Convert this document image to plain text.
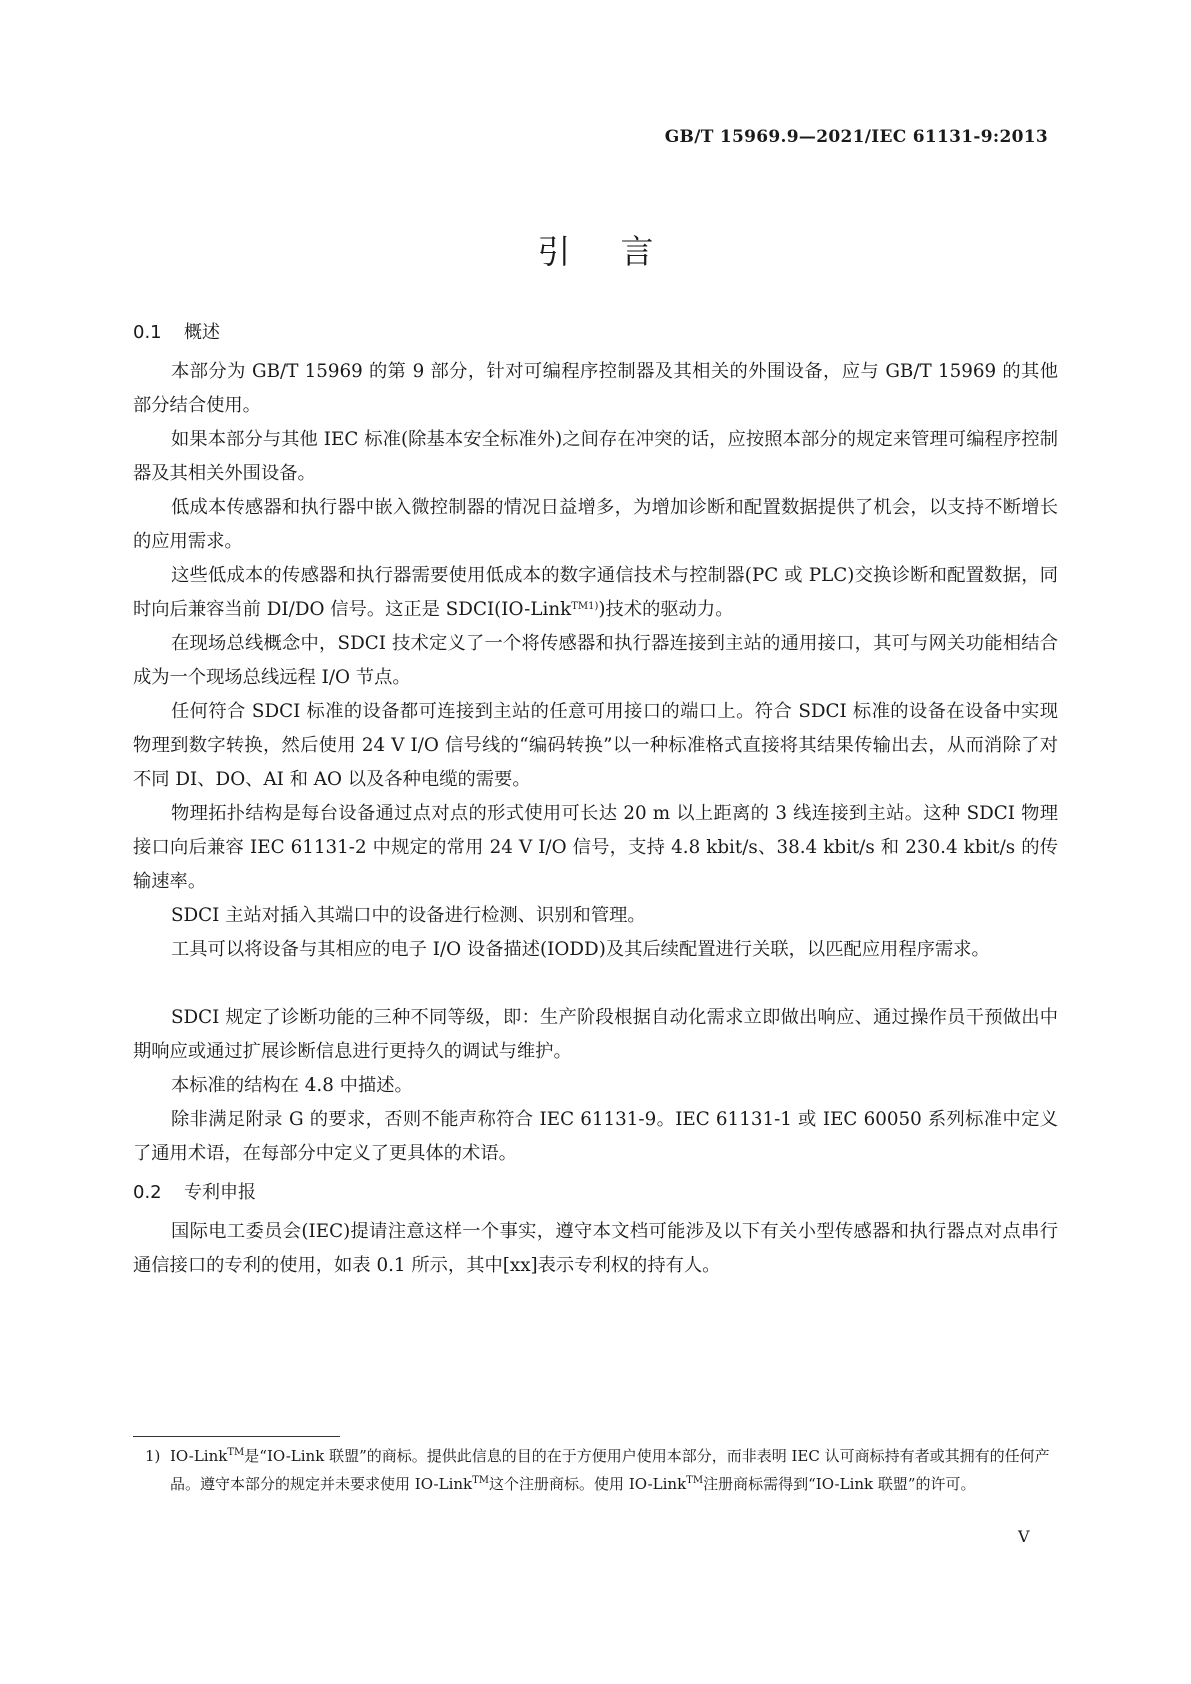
GB/T 15969.9—2021/IEC 61131-9:2013
引言
0.1 概述

本部分为 GB/T 15969 的第 9 部分，针对可编程序控制器及其相关的外围设备，应与 GB/T 15969 的其他部分结合使用。

如果本部分与其他 IEC 标准(除基本安全标准外)之间存在冲突的话，应按照本部分的规定来管理可编程序控制器及其相关外围设备。

低成本传感器和执行器中嵌入微控制器的情况日益增多，为增加诊断和配置数据提供了机会，以支持不断增长的应用需求。

这些低成本的传感器和执行器需要使用低成本的数字通信技术与控制器(PC 或 PLC)交换诊断和配置数据，同时向后兼容当前 DI/DO 信号。这正是 SDCI(IO-Link$^{TM1)}$)技术的驱动力。

在现场总线概念中，SDCI 技术定义了一个将传感器和执行器连接到主站的通用接口，其可与网关功能相结合成为一个现场总线远程 I/O 节点。

任何符合 SDCI 标准的设备都可连接到主站的任意可用接口的端口上。符合 SDCI 标准的设备在设备中实现物理到数字转换，然后使用 24 V I/O 信号线的“编码转换”以一种标准格式直接将其结果传输出去，从而消除了对不同 DI、DO、AI 和 AO 以及各种电缆的需要。

物理拓扑结构是每台设备通过点对点的形式使用可长达 20 m 以上距离的 3 线连接到主站。这种 SDCI 物理接口向后兼容 IEC 61131-2 中规定的常用 24 V I/O 信号，支持 4.8 kbit/s、38.4 kbit/s 和 230.4 kbit/s 的传输速率。

SDCI 主站对插入其端口中的设备进行检测、识别和管理。

工具可以将设备与其相应的电子 I/O 设备描述(IODD)及其后续配置进行关联，以匹配应用程序需求。

SDCI 规定了诊断功能的三种不同等级，即：生产阶段根据自动化需求立即做出响应、通过操作员干预做出中期响应或通过扩展诊断信息进行更持久的调试与维护。

本标准的结构在 4.8 中描述。

除非满足附录 G 的要求，否则不能声称符合 IEC 61131-9。IEC 61131-1 或 IEC 60050 系列标准中定义了通用术语，在每部分中定义了更具体的术语。

0.2 专利申报

国际电工委员会(IEC)提请注意这样一个事实，遵守本文档可能涉及以下有关小型传感器和执行器点对点串行通信接口的专利的使用，如表 0.1 所示，其中[xx]表示专利权的持有人。

1) IO-Link™是“IO-Link 联盟”的商标。提供此信息的目的在于方便用户使用本部分，而非表明 IEC 认可商标持有者或其拥有的任何产品。遵守本部分的规定并未要求使用 IO-Link™这个注册商标。使用 IO-Link™注册商标需得到“IO-Link 联盟”的许可。

V
